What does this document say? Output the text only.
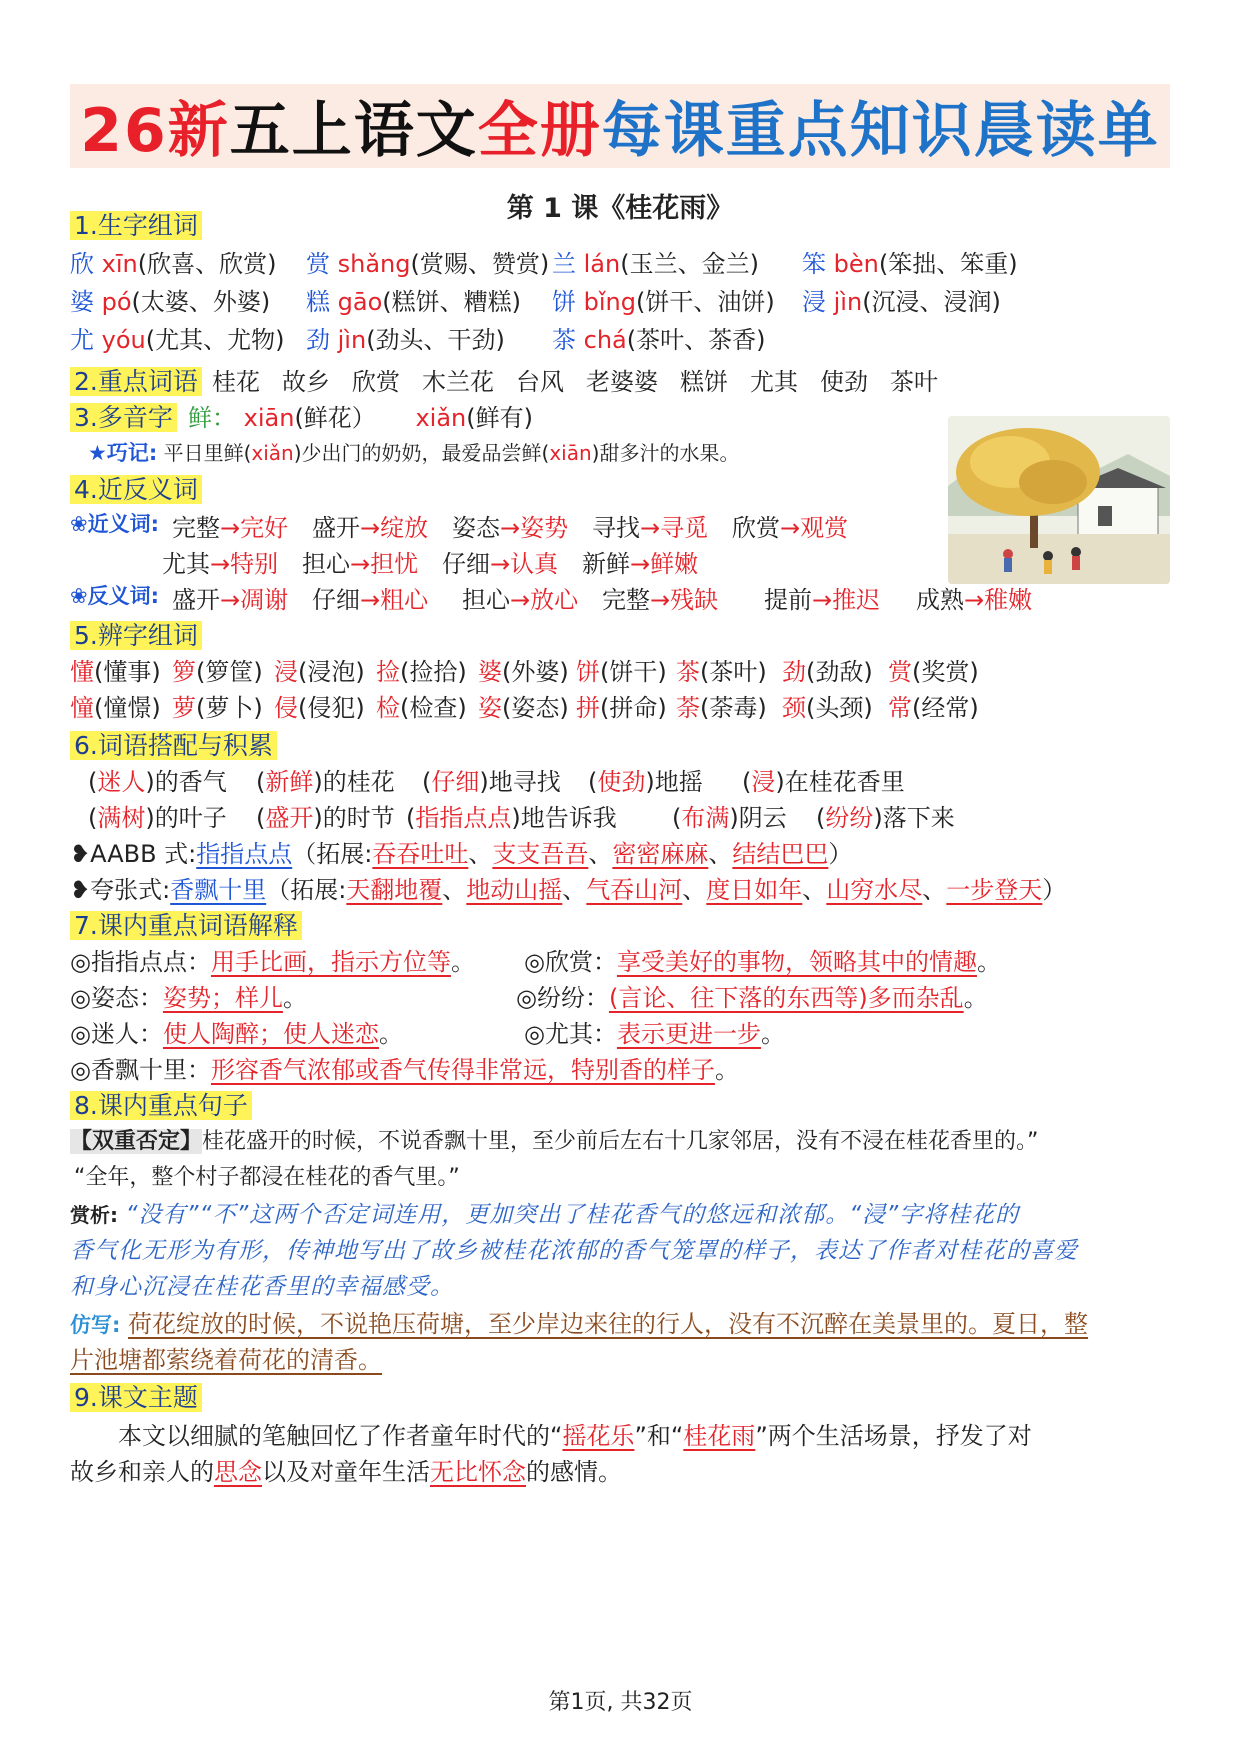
26新 五上语文 全册 每课重点知识晨读单
第 1 课《桂花雨》
1.生字组词
欣 xīn(欣喜、欣赏) 赏 shǎng(赏赐、赞赏) 兰 lán(玉兰、金兰) 笨 bèn(笨拙、笨重)
婆 pó(太婆、外婆) 糕 gāo(糕饼、糟糕) 饼 bǐng(饼干、油饼) 浸 jìn(沉浸、浸润)
尤 yóu(尤其、尤物) 劲 jìn(劲头、干劲) 茶 chá(茶叶、茶香)
2.重点词语 桂花 故乡 欣赏 木兰花 台风 老婆婆 糕饼 尤其 使劲 茶叶
3.多音字 鲜： xiān(鲜花） xiǎn(鲜有)
★巧记: 平日里鲜(xiǎn)少出门的奶奶，最爱品尝鲜(xiān)甜多汁的水果。
4.近反义词
❀近义词: 完整→完好 盛开→绽放 姿态→姿势 寻找→寻觅 欣赏→观赏
尤其→特别 担心→担忧 仔细→认真 新鲜→鲜嫩
❀反义词: 盛开→凋谢 仔细→粗心 担心→放心 完整→残缺 提前→推迟 成熟→稚嫩
5.辨字组词
懂(懂事) 箩(箩筐) 浸(浸泡) 捡(捡拾) 婆(外婆) 饼(饼干) 茶(茶叶) 劲(劲敌) 赏(奖赏)
憧(憧憬) 萝(萝卜) 侵(侵犯) 检(检查) 姿(姿态) 拼(拼命) 荼(荼毒) 颈(头颈) 常(经常)
6.词语搭配与积累
(迷人)的香气 (新鲜)的桂花 (仔细)地寻找 (使劲)地摇 (浸)在桂花香里
(满树)的叶子 (盛开)的时节 (指指点点)地告诉我 (布满)阴云 (纷纷)落下来
❥AABB 式:指指点点（拓展:吞吞吐吐、支支吾吾、密密麻麻、结结巴巴）
❥夸张式:香飘十里（拓展:天翻地覆、地动山摇、气吞山河、度日如年、山穷水尽、一步登天）
7.课内重点词语解释
◎指指点点：用手比画，指示方位等。 ◎欣赏：享受美好的事物，领略其中的情趣。
◎姿态：姿势；样儿。	◎纷纷：(言论、往下落的东西等)多而杂乱。
◎迷人：使人陶醉；使人迷恋。	◎尤其：表示更进一步。
◎香飘十里：形容香气浓郁或香气传得非常远，特别香的样子。
8.课内重点句子
【双重否定】桂花盛开的时候，不说香飘十里，至少前后左右十几家邻居，没有不浸在桂花香里的。”
“全年，整个村子都浸在桂花的香气里。”
赏析: “没有”“不”这两个否定词连用，更加突出了桂花香气的悠远和浓郁。“浸”字将桂花的
香气化无形为有形，传神地写出了故乡被桂花浓郁的香气笼罩的样子，表达了作者对桂花的喜爱
和身心沉浸在桂花香里的幸福感受。
仿写: 荷花绽放的时候，不说艳压荷塘，至少岸边来往的行人，没有不沉醉在美景里的。夏日，整
片池塘都萦绕着荷花的清香。
9.课文主题
本文以细腻的笔触回忆了作者童年时代的“摇花乐”和“桂花雨”两个生活场景，抒发了对
故乡和亲人的思念以及对童年生活无比怀念的感情。
第1页, 共32页
